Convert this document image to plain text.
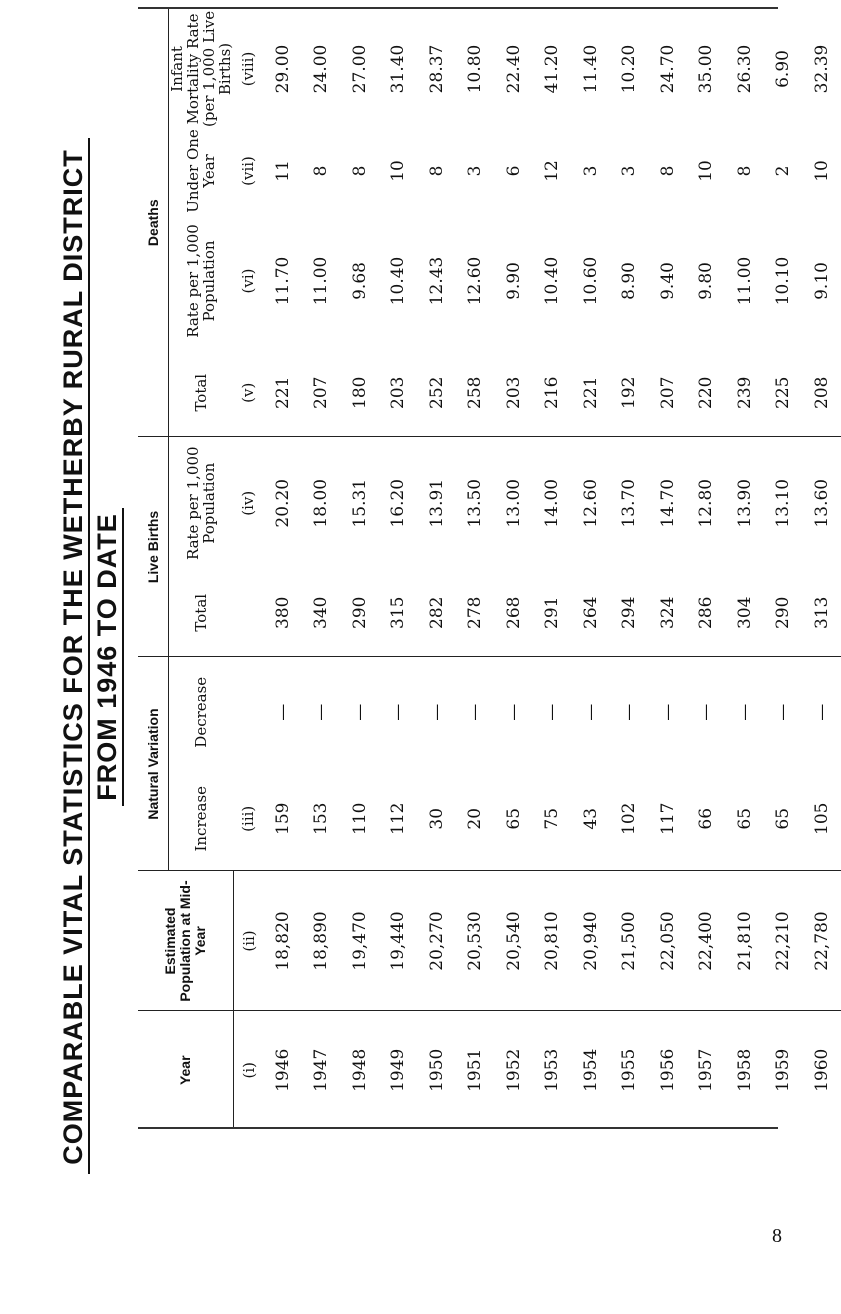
COMPARABLE VITAL STATISTICS FOR THE WETHERBY RURAL DISTRICT FROM 1946 TO DATE
Year	Estimated Population at Mid-Year	Natural Variation		Live Births		Deaths			
		Increase	Decrease	Total	Rate per 1,000 Population	Total	Rate per 1,000 Population	Under One Year	Infant Mortality Rate (per 1,000 Live Births)
(i)	(ii)	(iii)			(iv)	(v)	(vi)	(vii)	(viii)
1946	18,820	159	—	380	20.20	221	11.70	11	29.00
1947	18,890	153	—	340	18.00	207	11.00	8	24.00
1948	19,470	110	—	290	15.31	180	9.68	8	27.00
1949	19,440	112	—	315	16.20	203	10.40	10	31.40
1950	20,270	30	—	282	13.91	252	12.43	8	28.37
1951	20,530	20	—	278	13.50	258	12.60	3	10.80
1952	20,540	65	—	268	13.00	203	9.90	6	22.40
1953	20,810	75	—	291	14.00	216	10.40	12	41.20
1954	20,940	43	—	264	12.60	221	10.60	3	11.40
1955	21,500	102	—	294	13.70	192	8.90	3	10.20
1956	22,050	117	—	324	14.70	207	9.40	8	24.70
1957	22,400	66	—	286	12.80	220	9.80	10	35.00
1958	21,810	65	—	304	13.90	239	11.00	8	26.30
1959	22,210	65	—	290	13.10	225	10.10	2	6.90
1960	22,780	105	—	313	13.60	208	9.10	10	32.39
8
